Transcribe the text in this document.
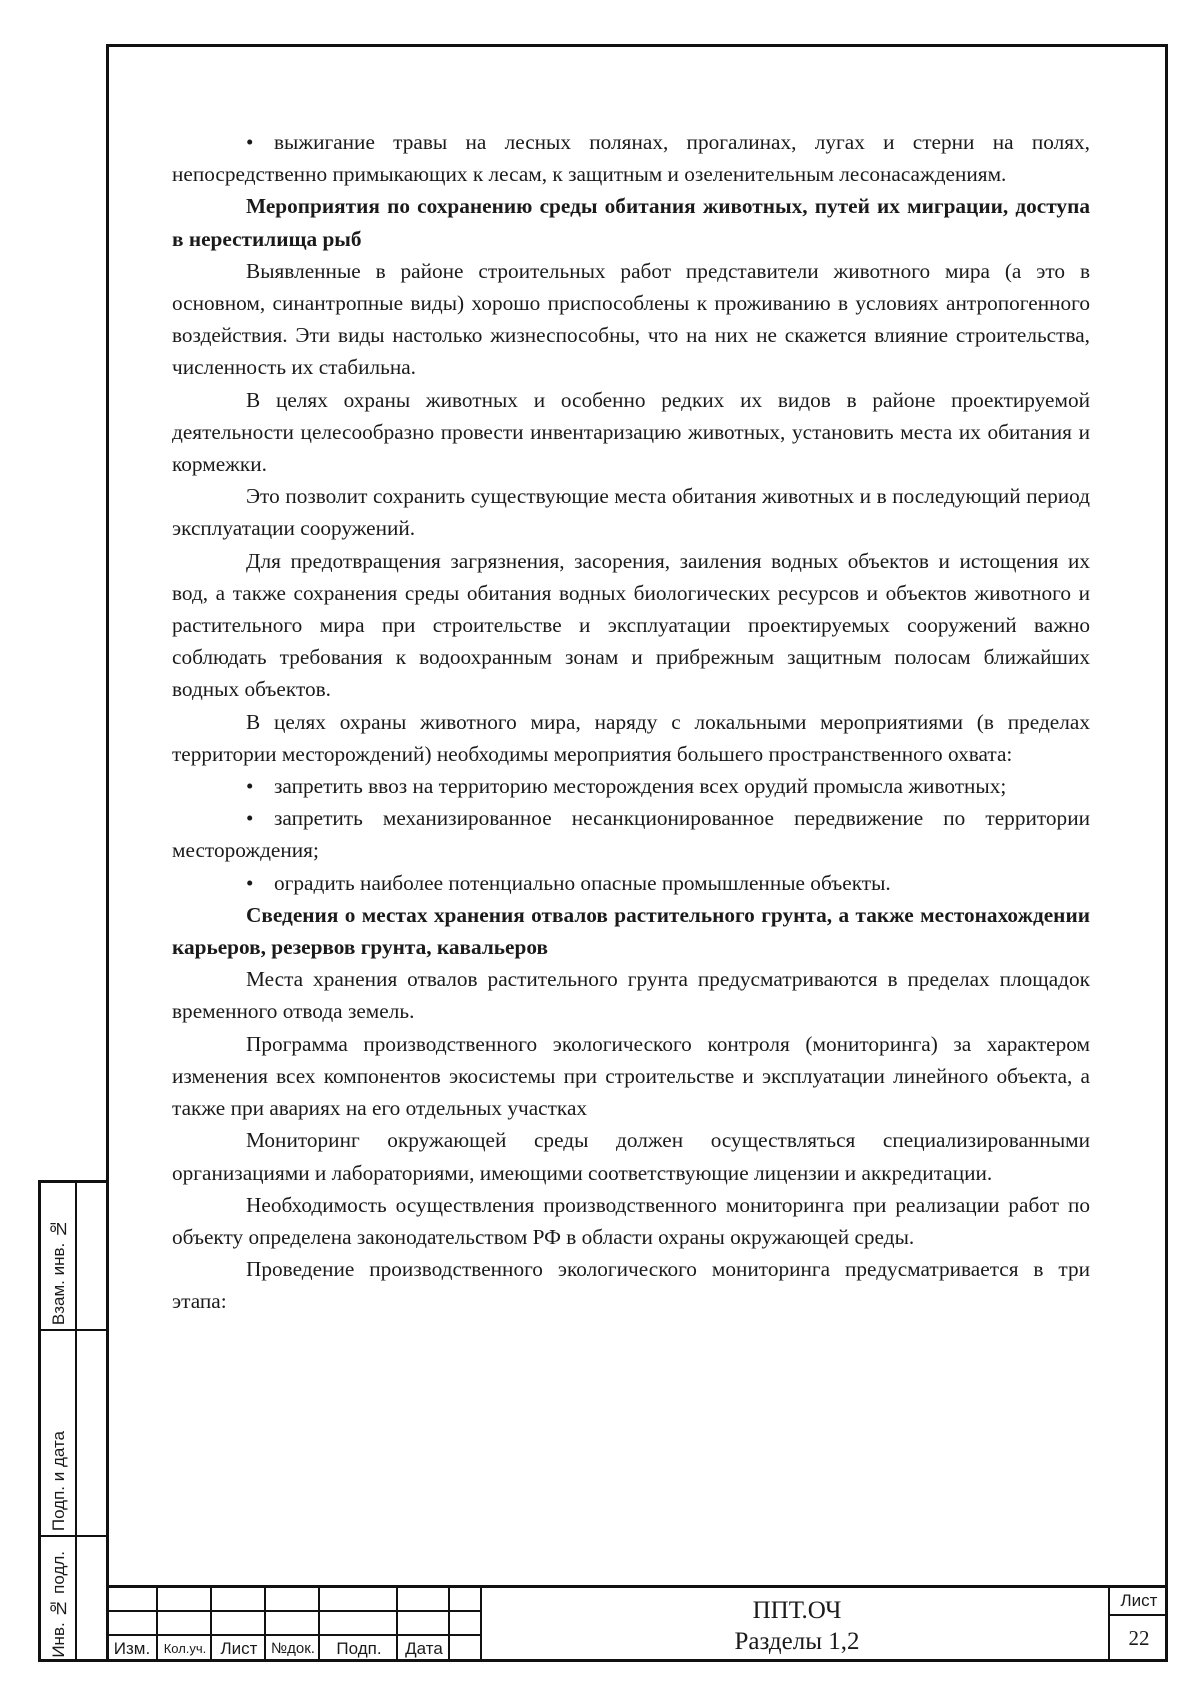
Взам. инв. №
Подп. и дата
Инв. № подл.

• выжигание травы на лесных полянах, прогалинах, лугах и стерни на полях, непосредственно примыкающих к лесам, к защитным и озеленительным лесонасаждениям.

Мероприятия по сохранению среды обитания животных, путей их миграции, доступа в нерестилища рыб

Выявленные в районе строительных работ представители животного мира (а это в основном, синантропные виды) хорошо приспособлены к проживанию в условиях антропогенного воздействия. Эти виды настолько жизнеспособны, что на них не скажется влияние строительства, численность их стабильна.

В целях охраны животных и особенно редких их видов в районе проектируемой деятельности целесообразно провести инвентаризацию животных, установить места их обитания и кормежки.

Это позволит сохранить существующие места обитания животных и в последующий период эксплуатации сооружений.

Для предотвращения загрязнения, засорения, заиления водных объектов и истощения их вод, а также сохранения среды обитания водных биологических ресурсов и объектов животного и растительного мира при строительстве и эксплуатации проектируемых сооружений важно соблюдать требования к водоохранным зонам и прибрежным защитным полосам ближайших водных объектов.

В целях охраны животного мира, наряду с локальными мероприятиями (в пределах территории месторождений) необходимы мероприятия большего пространственного охвата:

• запретить ввоз на территорию месторождения всех орудий промысла животных;

• запретить механизированное несанкционированное передвижение по территории месторождения;

• оградить наиболее потенциально опасные промышленные объекты.

Сведения о местах хранения отвалов растительного грунта, а также местонахождении карьеров, резервов грунта, кавальеров

Места хранения отвалов растительного грунта предусматриваются в пределах площадок временного отвода земель.

Программа производственного экологического контроля (мониторинга) за характером изменения всех компонентов экосистемы при строительстве и эксплуатации линейного объекта, а также при авариях на его отдельных участках

Мониторинг окружающей среды должен осуществляться специализированными организациями и лабораториями, имеющими соответствующие лицензии и аккредитации.

Необходимость осуществления производственного мониторинга при реализации работ по объекту определена законодательством РФ в области охраны окружающей среды.

Проведение производственного экологического мониторинга предусматривается в три этапа:

Изм.	Кол.уч. Лист №док.	Подп.	Дата
ППТ.ОЧ
Разделы 1,2
Лист
22
